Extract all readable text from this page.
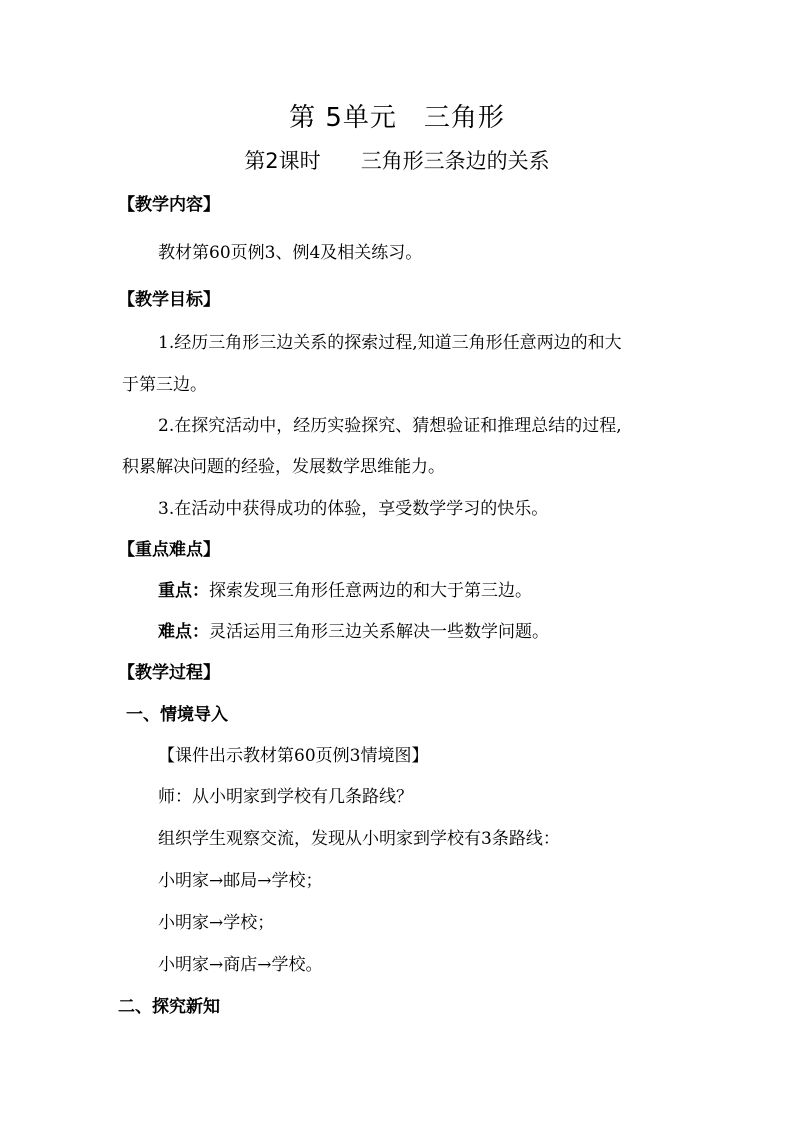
第 5单元　三角形
第2课时 三角形三条边的关系
【教学内容】
教材第60页例3、例4及相关练习。
【教学目标】
1.经历三角形三边关系的探索过程,知道三角形任意两边的和大
于第三边。
2.在探究活动中，经历实验探究、猜想验证和推理总结的过程,
积累解决问题的经验，发展数学思维能力。
3.在活动中获得成功的体验，享受数学学习的快乐。
【重点难点】
重点：探索发现三角形任意两边的和大于第三边。
难点：灵活运用三角形三边关系解决一些数学问题。
【教学过程】
一、情境导入
【课件出示教材第60页例3情境图】
师：从小明家到学校有几条路线？
组织学生观察交流，发现从小明家到学校有3条路线：
小明家→邮局→学校；
小明家→学校；
小明家→商店→学校。
二、探究新知
